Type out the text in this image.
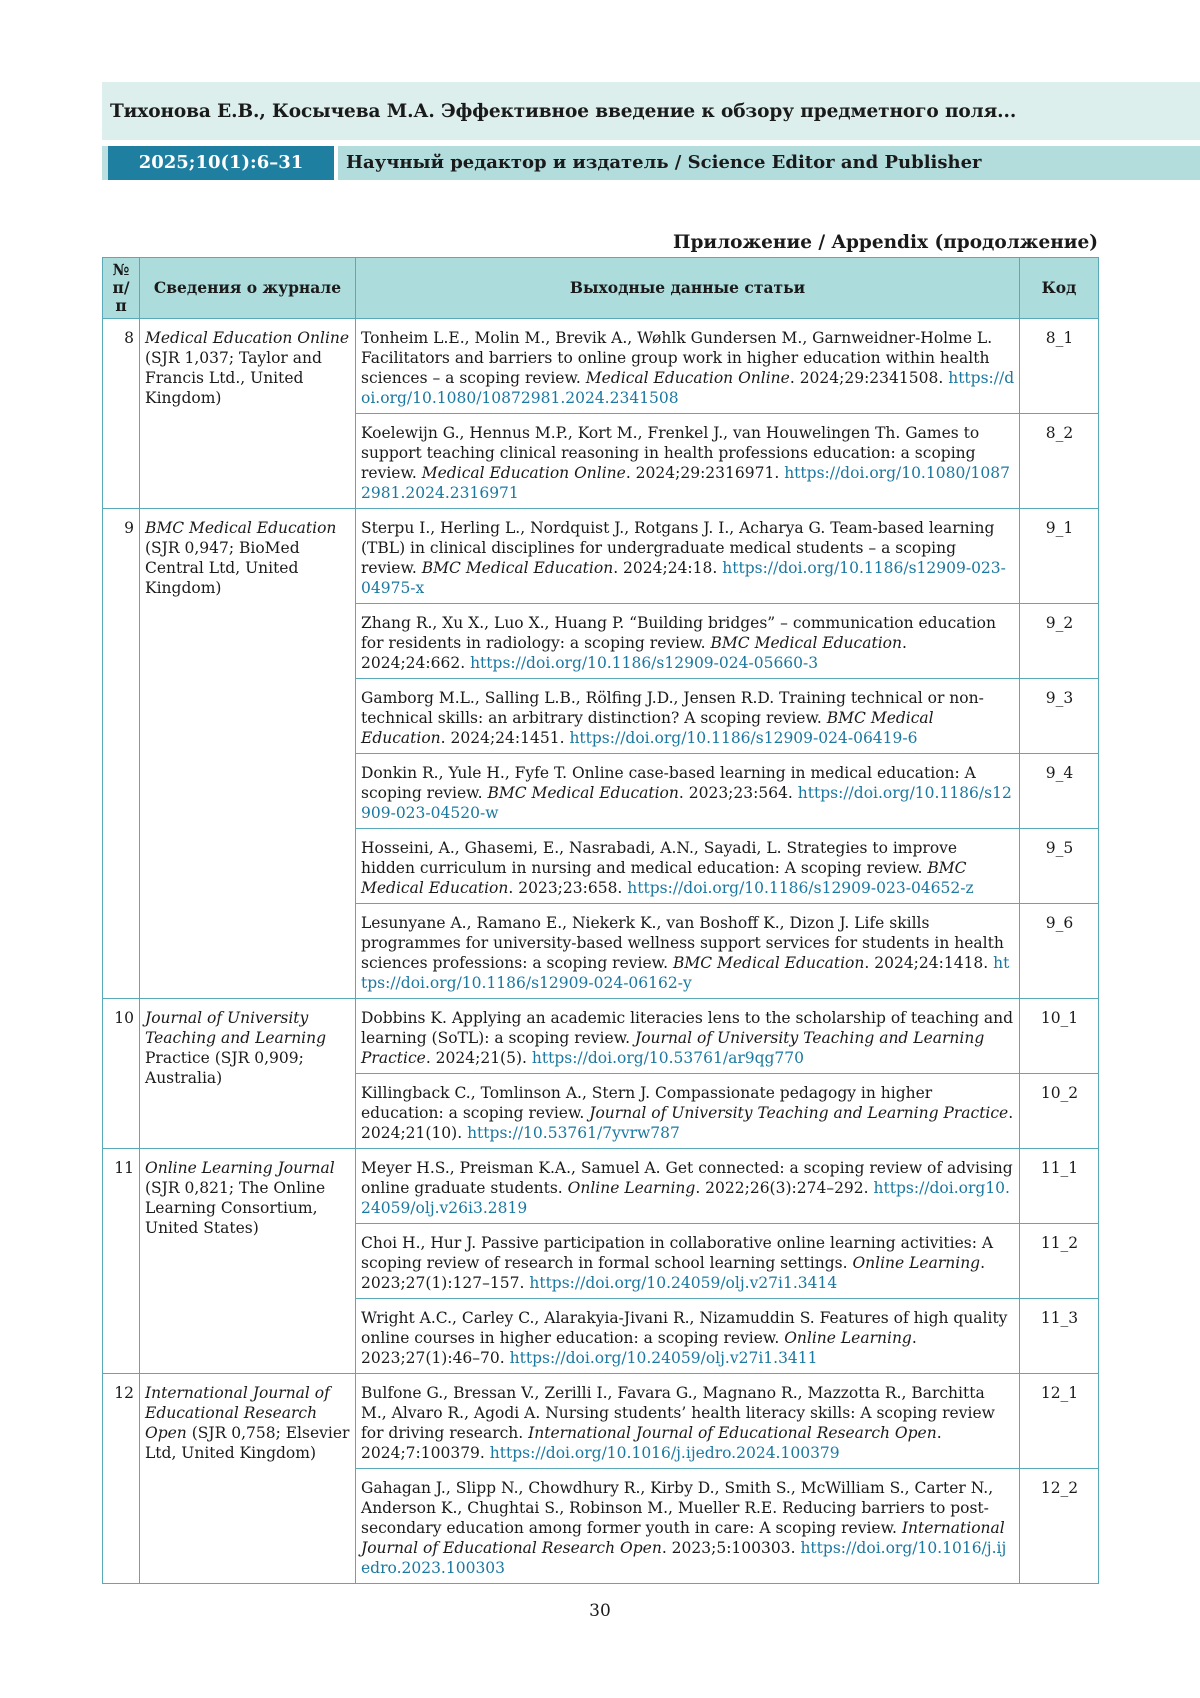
Тихонова Е.В., Косычева М.А. Эффективное введение к обзору предметного поля...
2025;10(1):6–31	Научный редактор и издатель / Science Editor and Publisher
Приложение / Appendix (продолжение)
№
п/п	Сведения о журнале	Выходные данные статьи	Код
8	Medical Education Online (SJR 1,037; Taylor and Francis Ltd., United Kingdom)	Tonheim L.E., Molin M., Brevik A., Wøhlk Gundersen M., Garnweidner-Holme L. Facilitators and barriers to online group work in higher education within health sciences – a scoping review. Medical Education Online. 2024;29:2341508. https://doi.org/10.1080/10872981.2024.2341508	8_1
Koelewijn G., Hennus M.P., Kort M., Frenkel J., van Houwelingen Th. Games to support teaching clinical reasoning in health professions education: a scoping review. Medical Education Online. 2024;29:2316971. https://doi.org/10.1080/10872981.2024.2316971	8_2
9	BMC Medical Education (SJR 0,947; BioMed Central Ltd, United Kingdom)	Sterpu I., Herling L., Nordquist J., Rotgans J. I., Acharya G. Team-based learning (TBL) in clinical disciplines for undergraduate medical students – a scoping review. BMC Medical Education. 2024;24:18. https://doi.org/10.1186/s12909-023-04975-x	9_1
Zhang R., Xu X., Luo X., Huang P. “Building bridges” – communication education for residents in radiology: a scoping review. BMC Medical Education. 2024;24:662. https://doi.org/10.1186/s12909-024-05660-3	9_2
Gamborg M.L., Salling L.B., Rölfing J.D., Jensen R.D. Training technical or non-technical skills: an arbitrary distinction? A scoping review. BMC Medical Education. 2024;24:1451. https://doi.org/10.1186/s12909-024-06419-6	9_3
Donkin R., Yule H., Fyfe T. Online case-based learning in medical education: A scoping review. BMC Medical Education. 2023;23:564. https://doi.org/10.1186/s12909-023-04520-w	9_4
Hosseini, A., Ghasemi, E., Nasrabadi, A.N., Sayadi, L. Strategies to improve hidden curriculum in nursing and medical education: A scoping review. BMC Medical Education. 2023;23:658. https://doi.org/10.1186/s12909-023-04652-z	9_5
Lesunyane A., Ramano E., Niekerk K., van Boshoff K., Dizon J. Life skills programmes for university-based wellness support services for students in health sciences professions: a scoping review. BMC Medical Education. 2024;24:1418. https://doi.org/10.1186/s12909-024-06162-y	9_6
10	Journal of University Teaching and Learning Practice (SJR 0,909; Australia)	Dobbins K. Applying an academic literacies lens to the scholarship of teaching and learning (SoTL): a scoping review. Journal of University Teaching and Learning Practice. 2024;21(5). https://doi.org/10.53761/ar9qg770	10_1
Killingback C., Tomlinson A., Stern J. Compassionate pedagogy in higher education: a scoping review. Journal of University Teaching and Learning Practice. 2024;21(10). https://10.53761/7yvrw787	10_2
11	Online Learning Journal (SJR 0,821; The Online Learning Consortium, United States)	Meyer H.S., Preisman K.A., Samuel A. Get connected: a scoping review of advising online graduate students. Online Learning. 2022;26(3):274–292. https://doi.org10.24059/olj.v26i3.2819	11_1
Choi H., Hur J. Passive participation in collaborative online learning activities: A scoping review of research in formal school learning settings. Online Learning. 2023;27(1):127–157. https://doi.org/10.24059/olj.v27i1.3414	11_2
Wright A.C., Carley C., Alarakyia-Jivani R., Nizamuddin S. Features of high quality online courses in higher education: a scoping review. Online Learning. 2023;27(1):46–70. https://doi.org/10.24059/olj.v27i1.3411	11_3
12	International Journal of Educational Research Open (SJR 0,758; Elsevier Ltd, United Kingdom)	Bulfone G., Bressan V., Zerilli I., Favara G., Magnano R., Mazzotta R., Barchitta M., Alvaro R., Agodi A. Nursing students’ health literacy skills: A scoping review for driving research. International Journal of Educational Research Open. 2024;7:100379. https://doi.org/10.1016/j.ijedro.2024.100379	12_1
Gahagan J., Slipp N., Chowdhury R., Kirby D., Smith S., McWilliam S., Carter N., Anderson K., Chughtai S., Robinson M., Mueller R.E. Reducing barriers to post-secondary education among former youth in care: A scoping review. International Journal of Educational Research Open. 2023;5:100303. https://doi.org/10.1016/j.ijedro.2023.100303	12_2
30
